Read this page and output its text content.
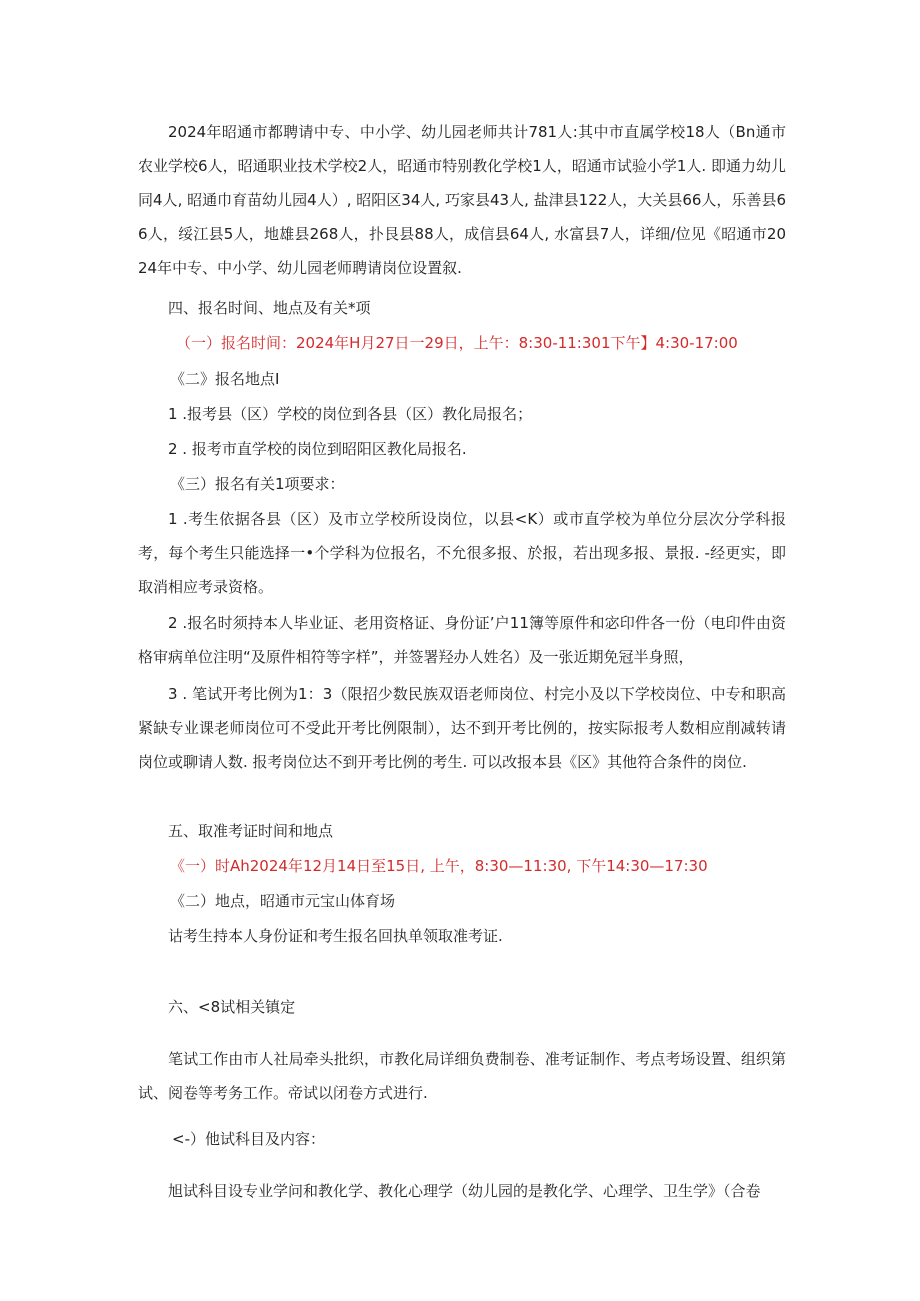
2024年昭通市都聘请中专、中小学、幼儿园老师共计781人:其中市直属学校18人（Bn通市农业学校6人，昭通职业技术学校2人，昭通市特别教化学校1人，昭通市试验小学1人. 即通力幼儿同4人, 昭通巾育苗幼儿园4人）, 昭阳区34人, 巧家县43人, 盐津县122人，大关县66人，乐善县66人，绥江县5人，地雄县268人，扑艮县88人，成信县64人, 水富县7人，详细/位见《昭通市2024年中专、中小学、幼儿园老师聘请岗位设置叙.

四、报名时间、地点及有关*项

（一）报名时间：2024年H月27日一29日，上午：8:30-11:301下午】4:30-17:00

《二》报名地点I

1 .报考县（区）学校的岗位到各县（区）教化局报名；

2 . 报考市直学校的岗位到昭阳区教化局报名.

《三）报名有关1项要求：

1 .考生依据各县（区）及市立学校所设岗位，以县<K）或市直学校为单位分层次分学科报考，每个考生只能选择一•个学科为位报名，不允很多报、於报，若出现多报、景报. -经更实，即取消相应考录资格。

2 .报名时须持本人毕业证、老用资格证、身份证’户11簿等原件和宓印件各一份（电印件由资格审病单位注明“及原件相符等字样”，并签署羟办人姓名）及一张近期免冠半身照，

3 . 笔试开考比例为1：3（限招少数民族双语老师岗位、村完小及以下学校岗位、中专和职高紧缺专业课老师岗位可不受此开考比例限制），达不到开考比例的，按实际报考人数相应削减转请岗位或聊请人数. 报考岗位达不到开考比例的考生. 可以改报本县《区》其他符合条件的岗位.

五、取准考证时间和地点

《一）时Ah2024年12月14日至15日, 上午，8:30—11:30, 下午14:30—17:30

《二）地点，昭通市元宝山体育场

诂考生持本人身份证和考生报名回执单领取准考证.

六、<8试相关镇定

笔试工作由市人社局牵头批织，市教化局详细负费制卷、准考证制作、考点考场设置、组织第试、阅卷等考务工作。帝试以闭卷方式进行.

<-）他试科目及内容：

旭试科目设专业学问和教化学、教化心理学（幼儿园的是教化学、心理学、卫生学》（合卷
